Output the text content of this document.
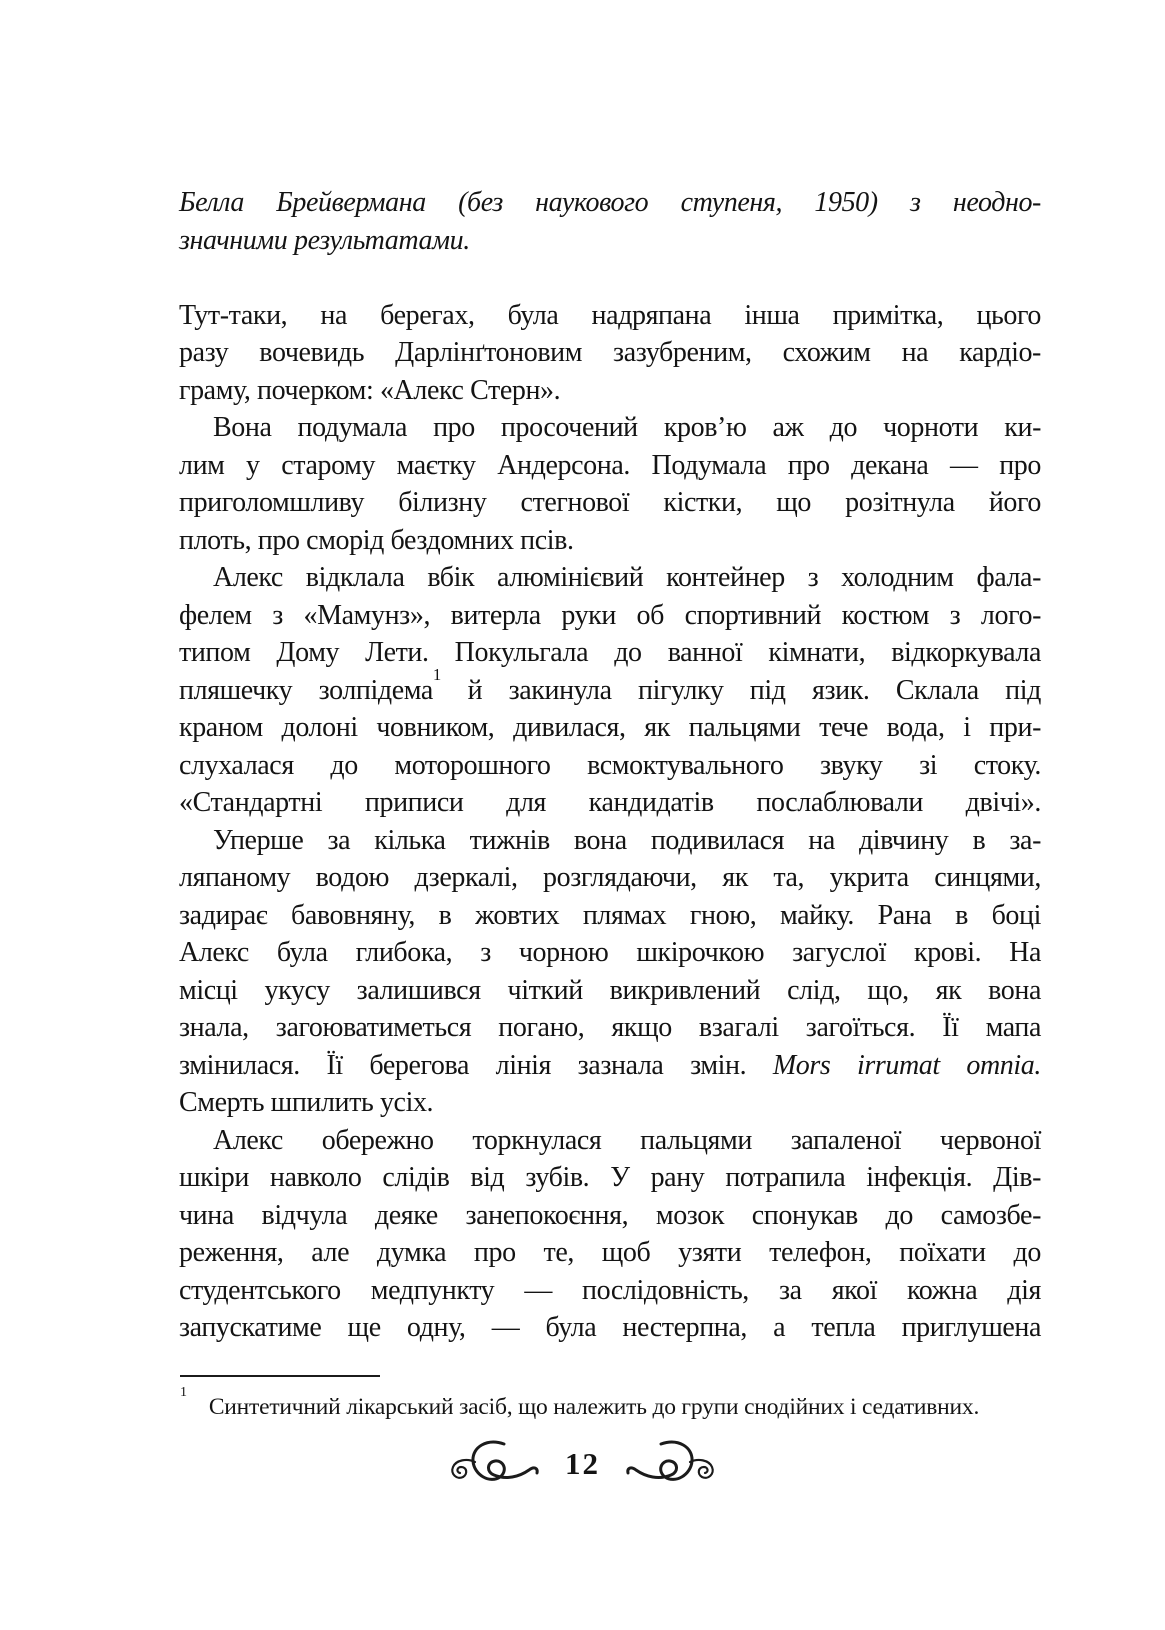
Белла Брейвермана (без наукового ступеня, 1950) з неодно-
значними результатами.
Тут-таки, на берегах, була надряпана інша примітка, цього
разу вочевидь Дарлінґтоновим зазубреним, схожим на кардіо-
граму, почерком: «Алекс Стерн».
Вона подумала про просочений кров’ю аж до чорноти ки-
лим у старому маєтку Андерсона. Подумала про декана — про
приголомшливу білизну стегнової кістки, що розітнула його
плоть, про сморід бездомних псів.
Алекс відклала вбік алюмінієвий контейнер з холодним фала-
фелем з «Мамунз», витерла руки об спортивний костюм з лого-
типом Дому Лети. Покульгала до ванної кімнати, відкоркувала
пляшечку золпідема$^1$ й закинула пігулку під язик. Склала під
краном долоні човником, дивилася, як пальцями тече вода, і при-
слухалася до моторошного всмоктувального звуку зі стоку.
«Стандартні приписи для кандидатів послаблювали двічі».
Уперше за кілька тижнів вона подивилася на дівчину в за-
ляпаному водою дзеркалі, розглядаючи, як та, укрита синцями,
задирає бавовняну, в жовтих плямах гною, майку. Рана в боці
Алекс була глибока, з чорною шкірочкою загуслої крові. На
місці укусу залишився чіткий викривлений слід, що, як вона
знала, загоюватиметься погано, якщо взагалі загоїться. Її мапа
змінилася. Її берегова лінія зазнала змін. Mors irrumat omnia.
Смерть шпилить усіх.
Алекс обережно торкнулася пальцями запаленої червоної
шкіри навколо слідів від зубів. У рану потрапила інфекція. Дів-
чина відчула деяке занепокоєння, мозок спонукав до самозбе-
реження, але думка про те, щоб узяти телефон, поїхати до
студентського медпункту — послідовність, за якої кожна дія
запускатиме ще одну, — була нестерпна, а тепла приглушена
$^1$Синтетичний лікарський засіб, що належить до групи снодійних і седативних.
12
